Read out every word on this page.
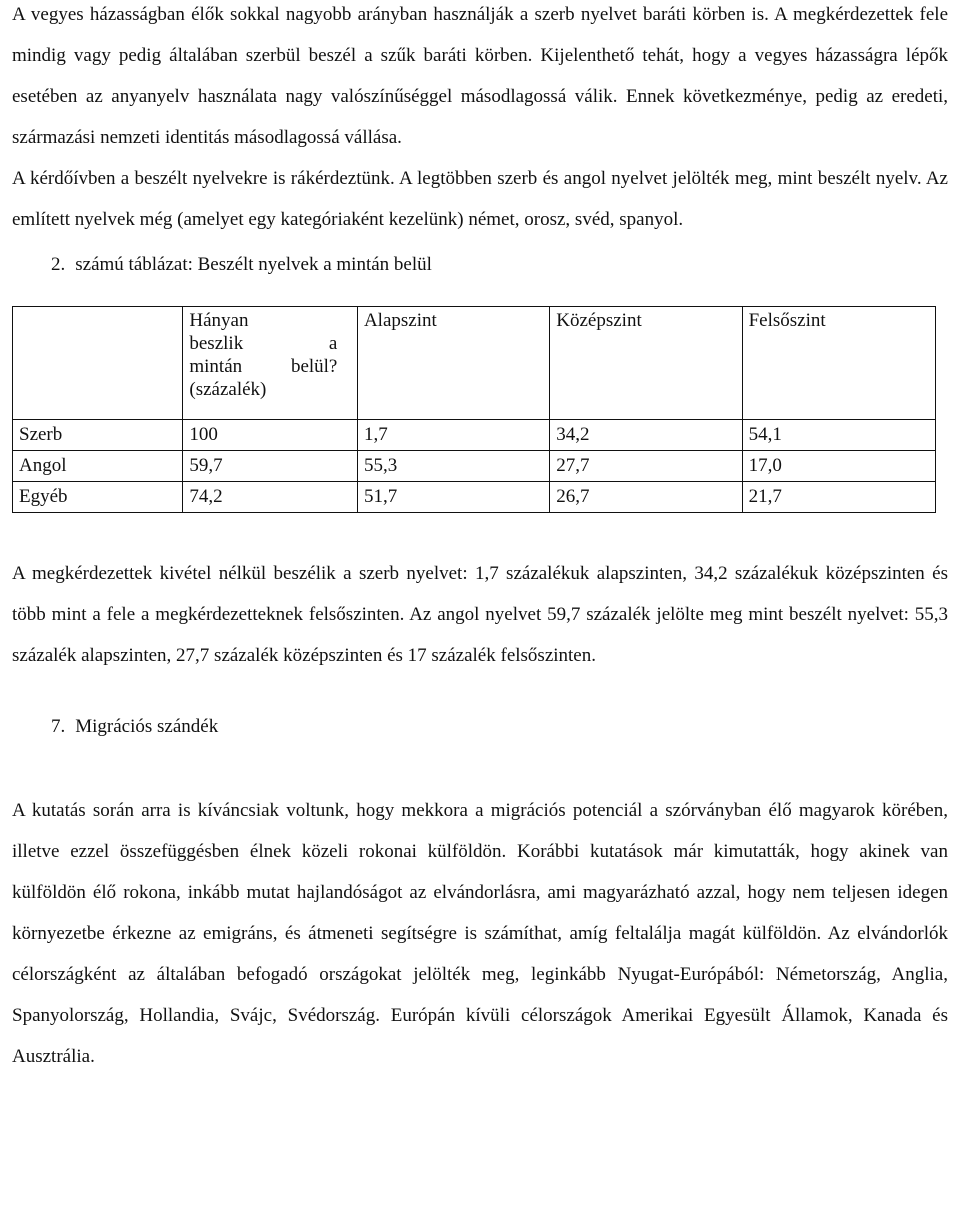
A vegyes házasságban élők sokkal nagyobb arányban használják a szerb nyelvet baráti körben is. A megkérdezettek fele mindig vagy pedig általában szerbül beszél a szűk baráti körben. Kijelenthető tehát, hogy a vegyes házasságra lépők esetében az anyanyelv használata nagy valószínűséggel másodlagossá válik. Ennek következménye, pedig az eredeti, származási nemzeti identitás másodlagossá vállása.

A kérdőívben a beszélt nyelvekre is rákérdeztünk. A legtöbben szerb és angol nyelvet jelölték meg, mint beszélt nyelv. Az említett nyelvek még (amelyet egy kategóriaként kezelünk) német, orosz, svéd, spanyol.

2. számú táblázat: Beszélt nyelvek a mintán belül

	Hányan
beszlik a
mintán belül?
(százalék)	Alapszint	Középszint	Felsőszint
Szerb	100	1,7	34,2	54,1
Angol	59,7	55,3	27,7	17,0
Egyéb	74,2	51,7	26,7	21,7

A megkérdezettek kivétel nélkül beszélik a szerb nyelvet: 1,7 százalékuk alapszinten, 34,2 százalékuk középszinten és több mint a fele a megkérdezetteknek felsőszinten. Az angol nyelvet 59,7 százalék jelölte meg mint beszélt nyelvet: 55,3 százalék alapszinten, 27,7 százalék középszinten és 17 százalék felsőszinten.

7. Migrációs szándék

A kutatás során arra is kíváncsiak voltunk, hogy mekkora a migrációs potenciál a szórványban élő magyarok körében, illetve ezzel összefüggésben élnek közeli rokonai külföldön. Korábbi kutatások már kimutatták, hogy akinek van külföldön élő rokona, inkább mutat hajlandóságot az elvándorlásra, ami magyarázható azzal, hogy nem teljesen idegen környezetbe érkezne az emigráns, és átmeneti segítségre is számíthat, amíg feltalálja magát külföldön. Az elvándorlók célországként az általában befogadó országokat jelölték meg, leginkább Nyugat-Európából: Németország, Anglia, Spanyolország, Hollandia, Svájc, Svédország. Európán kívüli célországok Amerikai Egyesült Államok, Kanada és Ausztrália.
